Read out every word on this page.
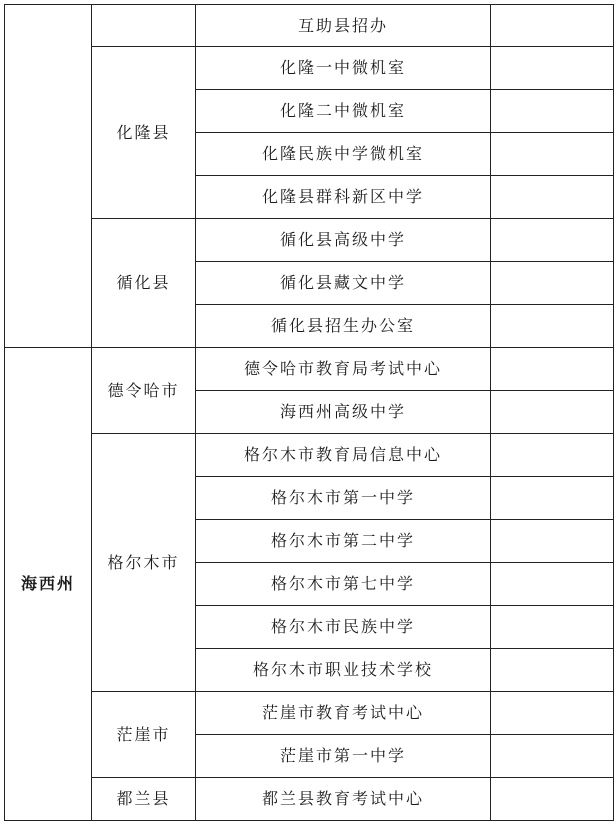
		互助县招办	
	化隆县	化隆一中微机室	
		化隆二中微机室	
		化隆民族中学微机室	
		化隆县群科新区中学	
	循化县	循化县高级中学	
		循化县藏文中学	
		循化县招生办公室	
海西州	德令哈市	德令哈市教育局考试中心	
		海西州高级中学	
	格尔木市	格尔木市教育局信息中心	
		格尔木市第一中学	
		格尔木市第二中学	
		格尔木市第七中学	
		格尔木市民族中学	
		格尔木市职业技术学校	
	茫崖市	茫崖市教育考试中心	
		茫崖市第一中学	
	都兰县	都兰县教育考试中心	
